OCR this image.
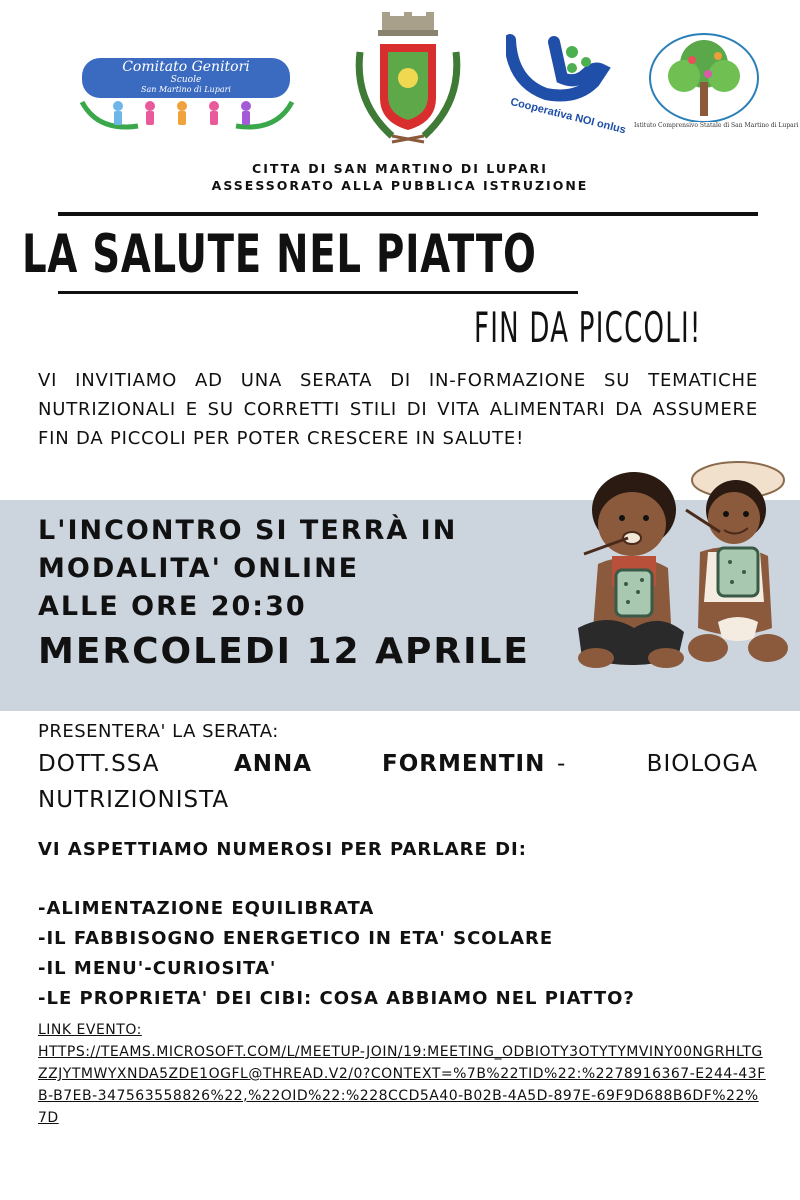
Comitato Genitori
Scuole
San Martino di Lupari
Cooperativa NOI onlus Istituto Comprensivo Statale di San Martino di Lupari
CITTA DI SAN MARTINO DI LUPARI
ASSESSORATO ALLA PUBBLICA ISTRUZIONE
LA SALUTE NEL PIATTO
FIN DA PICCOLI!
VI INVITIAMO AD UNA SERATA DI IN-FORMAZIONE SU TEMATICHE NUTRIZIONALI E SU CORRETTI STILI DI VITA ALIMENTARI DA ASSUMERE FIN DA PICCOLI PER POTER CRESCERE IN SALUTE!
L'INCONTRO SI TERRÀ IN
MODALITA' ONLINE
ALLE ORE 20:30
MERCOLEDI 12 APRILE
PRESENTERA' LA SERATA:
DOTT.SSA	ANNA	FORMENTIN -	BIOLOGA
NUTRIZIONISTA
VI ASPETTIAMO NUMEROSI PER PARLARE DI:
-ALIMENTAZIONE EQUILIBRATA
-IL FABBISOGNO ENERGETICO IN ETA' SCOLARE
-IL MENU'-CURIOSITA'
-LE PROPRIETA' DEI CIBI: COSA ABBIAMO NEL PIATTO?
LINK EVENTO:
HTTPS://TEAMS.MICROSOFT.COM/L/MEETUP-JOIN/19:MEETING_ODBIOTY3OTYTYMVINY00NGRHLTGZZJYTMWYXNDA5ZDE1OGFL@THREAD.V2/0?CONTEXT=%7B%22TID%22:%2278916367-E244-43FB-B7EB-347563558826%22,%22OID%22:%228CCD5A40-B02B-4A5D-897E-69F9D688B6DF%22%7D
